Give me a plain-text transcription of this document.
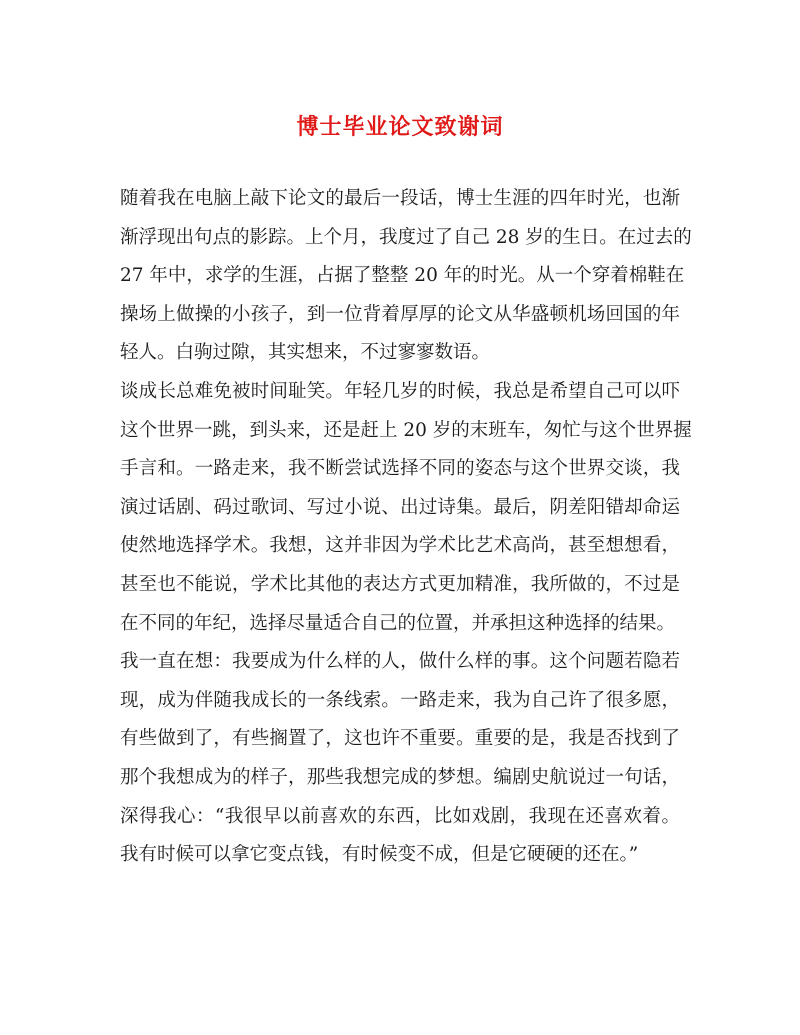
博士毕业论文致谢词
随着我在电脑上敲下论文的最后一段话，博士生涯的四年时光，也渐
渐浮现出句点的影踪。上个月，我度过了自己 28 岁的生日。在过去的
27 年中，求学的生涯，占据了整整 20 年的时光。从一个穿着棉鞋在
操场上做操的小孩子，到一位背着厚厚的论文从华盛顿机场回国的年
轻人。白驹过隙，其实想来，不过寥寥数语。
谈成长总难免被时间耻笑。年轻几岁的时候，我总是希望自己可以吓
这个世界一跳，到头来，还是赶上 20 岁的末班车，匆忙与这个世界握
手言和。一路走来，我不断尝试选择不同的姿态与这个世界交谈，我
演过话剧、码过歌词、写过小说、出过诗集。最后，阴差阳错却命运
使然地选择学术。我想，这并非因为学术比艺术高尚，甚至想想看，
甚至也不能说，学术比其他的表达方式更加精准，我所做的，不过是
在不同的年纪，选择尽量适合自己的位置，并承担这种选择的结果。
我一直在想：我要成为什么样的人，做什么样的事。这个问题若隐若
现，成为伴随我成长的一条线索。一路走来，我为自己许了很多愿，
有些做到了，有些搁置了，这也许不重要。重要的是，我是否找到了
那个我想成为的样子，那些我想完成的梦想。编剧史航说过一句话，
深得我心：“我很早以前喜欢的东西，比如戏剧，我现在还喜欢着。
我有时候可以拿它变点钱，有时候变不成，但是它硬硬的还在。”
